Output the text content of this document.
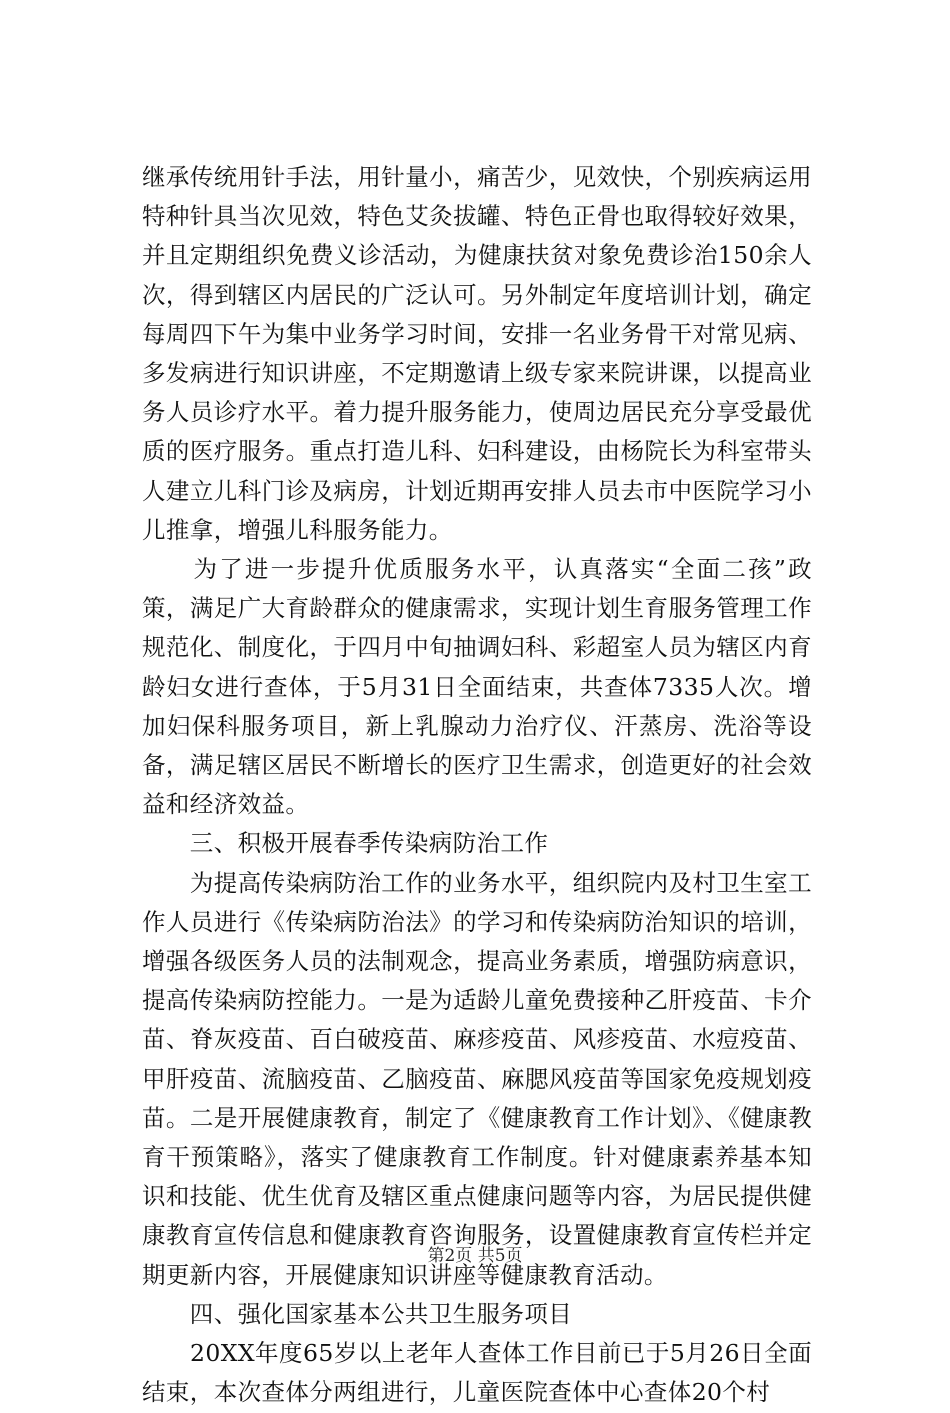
继承传统用针手法，用针量小，痛苦少，见效快，个别疾病运用特种针具当次见效，特色艾灸拔罐、特色正骨也取得较好效果，并且定期组织免费义诊活动，为健康扶贫对象免费诊治150余人次，得到辖区内居民的广泛认可。另外制定年度培训计划，确定每周四下午为集中业务学习时间，安排一名业务骨干对常见病、多发病进行知识讲座，不定期邀请上级专家来院讲课，以提高业务人员诊疗水平。着力提升服务能力，使周边居民充分享受最优质的医疗服务。重点打造儿科、妇科建设，由杨院长为科室带头人建立儿科门诊及病房，计划近期再安排人员去市中医院学习小儿推拿，增强儿科服务能力。

　　为了进一步提升优质服务水平，认真落实“全面二孩”政策，满足广大育龄群众的健康需求，实现计划生育服务管理工作规范化、制度化，于四月中旬抽调妇科、彩超室人员为辖区内育龄妇女进行查体，于5月31日全面结束，共查体7335人次。增加妇保科服务项目，新上乳腺动力治疗仪、汗蒸房、洗浴等设备，满足辖区居民不断增长的医疗卫生需求，创造更好的社会效益和经济效益。

　　三、积极开展春季传染病防治工作

　　为提高传染病防治工作的业务水平，组织院内及村卫生室工作人员进行《传染病防治法》的学习和传染病防治知识的培训，增强各级医务人员的法制观念，提高业务素质，增强防病意识，提高传染病防控能力。一是为适龄儿童免费接种乙肝疫苗、卡介苗、脊灰疫苗、百白破疫苗、麻疹疫苗、风疹疫苗、水痘疫苗、甲肝疫苗、流脑疫苗、乙脑疫苗、麻腮风疫苗等国家免疫规划疫苗。二是开展健康教育，制定了《健康教育工作计划》、《健康教育干预策略》，落实了健康教育工作制度。针对健康素养基本知识和技能、优生优育及辖区重点健康问题等内容，为居民提供健康教育宣传信息和健康教育咨询服务，设置健康教育宣传栏并定期更新内容，开展健康知识讲座等健康教育活动。

　　四、强化国家基本公共卫生服务项目

　　20XX年度65岁以上老年人查体工作目前已于5月26日全面结束，本次查体分两组进行，儿童医院查体中心查体20个村

第2页 共5页
